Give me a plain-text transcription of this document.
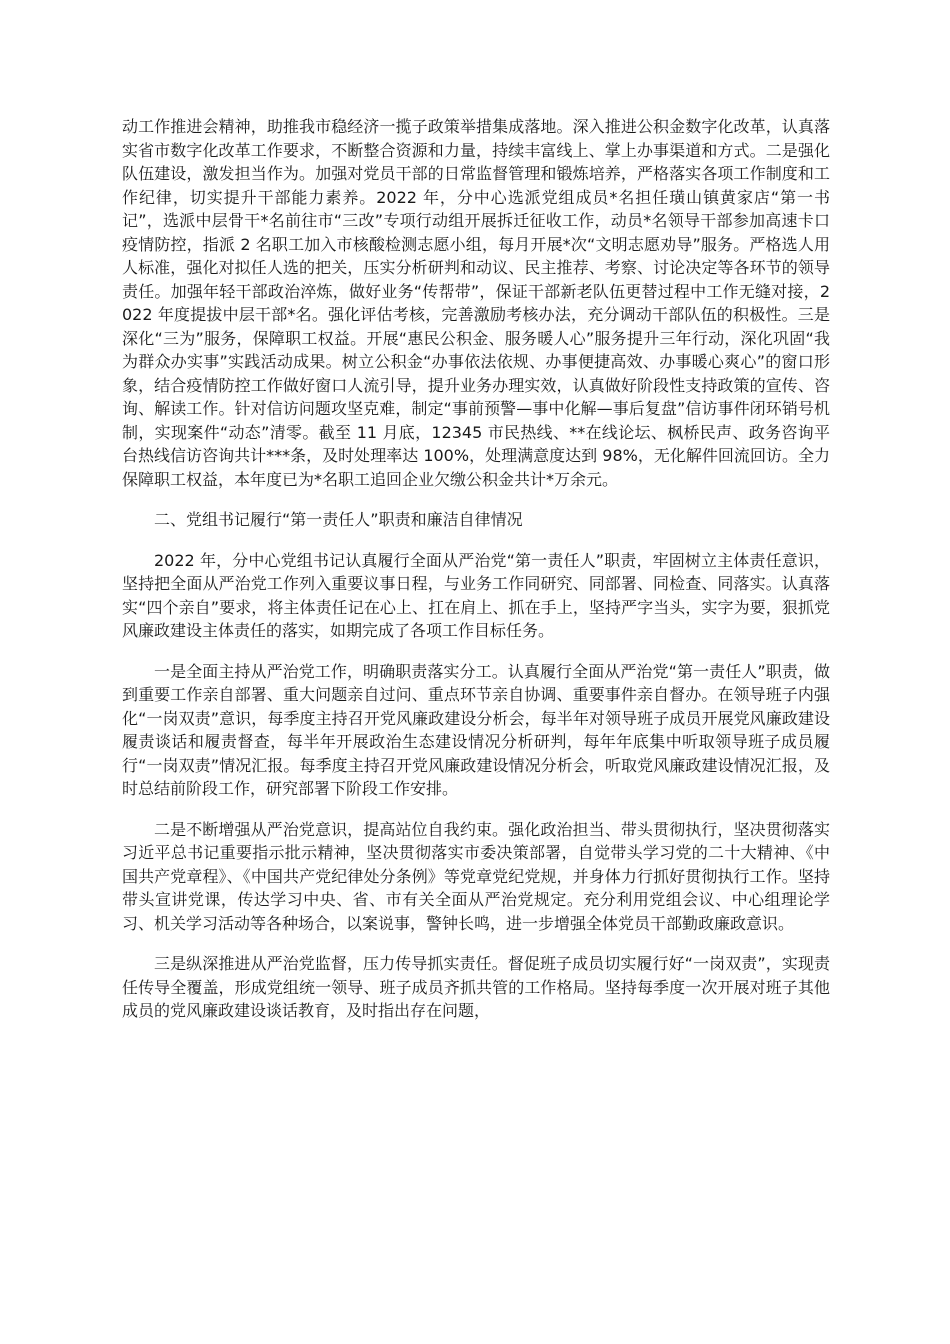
动工作推进会精神，助推我市稳经济一揽子政策举措集成落地。深入推进公积金数字化改革，认真落实省市数字化改革工作要求，不断整合资源和力量，持续丰富线上、掌上办事渠道和方式。二是强化队伍建设，激发担当作为。加强对党员干部的日常监督管理和锻炼培养，严格落实各项工作制度和工作纪律，切实提升干部能力素养。2022 年，分中心选派党组成员*名担任璜山镇黄家店“第一书记”，选派中层骨干*名前往市“三改”专项行动组开展拆迁征收工作，动员*名领导干部参加高速卡口疫情防控，指派 2 名职工加入市核酸检测志愿小组，每月开展*次“文明志愿劝导”服务。严格选人用人标准，强化对拟任人选的把关，压实分析研判和动议、民主推荐、考察、讨论决定等各环节的领导责任。加强年轻干部政治淬炼，做好业务“传帮带”，保证干部新老队伍更替过程中工作无缝对接，2022 年度提拔中层干部*名。强化评估考核，完善激励考核办法，充分调动干部队伍的积极性。三是深化“三为”服务，保障职工权益。开展“惠民公积金、服务暖人心”服务提升三年行动，深化巩固“我为群众办实事”实践活动成果。树立公积金“办事依法依规、办事便捷高效、办事暖心爽心”的窗口形象，结合疫情防控工作做好窗口人流引导，提升业务办理实效，认真做好阶段性支持政策的宣传、咨询、解读工作。针对信访问题攻坚克难，制定“事前预警—事中化解—事后复盘”信访事件闭环销号机制，实现案件“动态”清零。截至 11 月底，12345 市民热线、**在线论坛、枫桥民声、政务咨询平台热线信访咨询共计***条，及时处理率达 100%，处理满意度达到 98%，无化解件回流回访。全力保障职工权益，本年度已为*名职工追回企业欠缴公积金共计*万余元。

二、党组书记履行“第一责任人”职责和廉洁自律情况

2022 年，分中心党组书记认真履行全面从严治党“第一责任人”职责，牢固树立主体责任意识，坚持把全面从严治党工作列入重要议事日程，与业务工作同研究、同部署、同检查、同落实。认真落实“四个亲自”要求，将主体责任记在心上、扛在肩上、抓在手上，坚持严字当头，实字为要，狠抓党风廉政建设主体责任的落实，如期完成了各项工作目标任务。

一是全面主持从严治党工作，明确职责落实分工。认真履行全面从严治党“第一责任人”职责，做到重要工作亲自部署、重大问题亲自过问、重点环节亲自协调、重要事件亲自督办。在领导班子内强化“一岗双责”意识，每季度主持召开党风廉政建设分析会，每半年对领导班子成员开展党风廉政建设履责谈话和履责督查，每半年开展政治生态建设情况分析研判，每年年底集中听取领导班子成员履行“一岗双责”情况汇报。每季度主持召开党风廉政建设情况分析会，听取党风廉政建设情况汇报，及时总结前阶段工作，研究部署下阶段工作安排。

二是不断增强从严治党意识，提高站位自我约束。强化政治担当、带头贯彻执行，坚决贯彻落实习近平总书记重要指示批示精神，坚决贯彻落实市委决策部署，自觉带头学习党的二十大精神、《中国共产党章程》、《中国共产党纪律处分条例》等党章党纪党规，并身体力行抓好贯彻执行工作。坚持带头宣讲党课，传达学习中央、省、市有关全面从严治党规定。充分利用党组会议、中心组理论学习、机关学习活动等各种场合，以案说事，警钟长鸣，进一步增强全体党员干部勤政廉政意识。

三是纵深推进从严治党监督，压力传导抓实责任。督促班子成员切实履行好“一岗双责”，实现责任传导全覆盖，形成党组统一领导、班子成员齐抓共管的工作格局。坚持每季度一次开展对班子其他成员的党风廉政建设谈话教育，及时指出存在问题，
